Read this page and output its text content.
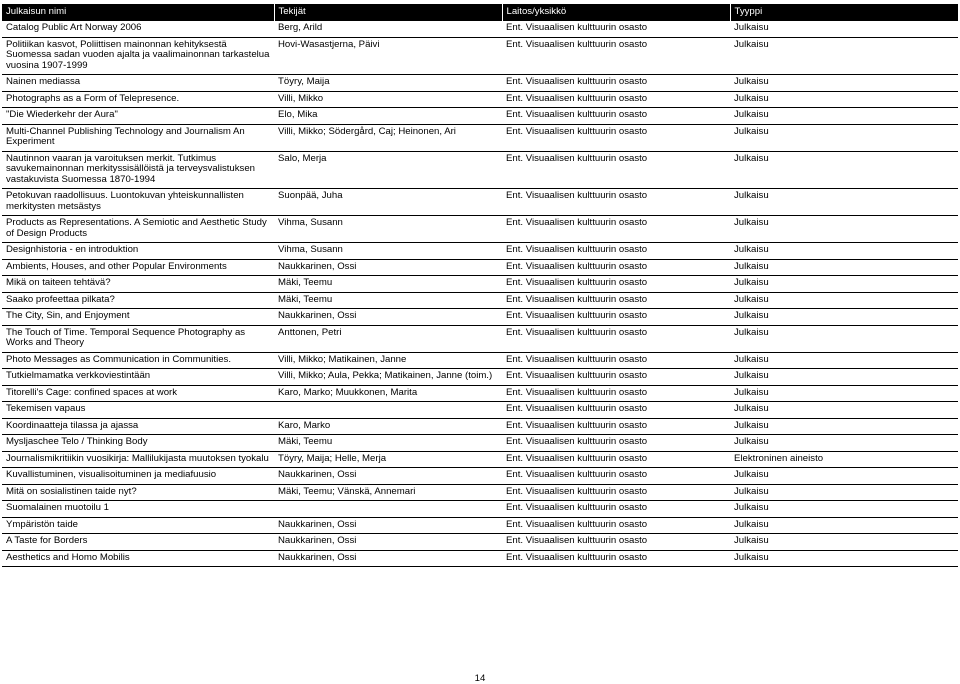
Julkaisun nimi	Tekijät	Laitos/yksikkö	Tyyppi
Catalog Public Art Norway 2006	Berg, Arild	Ent. Visuaalisen kulttuurin osasto	Julkaisu
Politiikan kasvot, Poliittisen mainonnan kehityksestä Suomessa sadan vuoden ajalta ja vaalimainonnan tarkastelua vuosina 1907-1999	Hovi-Wasastjerna, Päivi	Ent. Visuaalisen kulttuurin osasto	Julkaisu
Nainen mediassa	Töyry, Maija	Ent. Visuaalisen kulttuurin osasto	Julkaisu
Photographs as a Form of Telepresence.	Villi, Mikko	Ent. Visuaalisen kulttuurin osasto	Julkaisu
"Die Wiederkehr der Aura"	Elo, Mika	Ent. Visuaalisen kulttuurin osasto	Julkaisu
Multi-Channel Publishing Technology and Journalism An Experiment	Villi, Mikko; Södergård, Caj; Heinonen, Ari	Ent. Visuaalisen kulttuurin osasto	Julkaisu
Nautinnon vaaran ja varoituksen merkit. Tutkimus savukemainonnan merkityssisällöistä ja terveysvalistuksen vastakuvista Suomessa 1870-1994	Salo, Merja	Ent. Visuaalisen kulttuurin osasto	Julkaisu
Petokuvan raadollisuus. Luontokuvan yhteiskunnallisten merkitysten metsästys	Suonpää, Juha	Ent. Visuaalisen kulttuurin osasto	Julkaisu
Products as Representations. A Semiotic and Aesthetic Study of Design Products	Vihma, Susann	Ent. Visuaalisen kulttuurin osasto	Julkaisu
Designhistoria - en introduktion	Vihma, Susann	Ent. Visuaalisen kulttuurin osasto	Julkaisu
Ambients, Houses, and other Popular Environments	Naukkarinen, Ossi	Ent. Visuaalisen kulttuurin osasto	Julkaisu
Mikä on taiteen tehtävä?	Mäki, Teemu	Ent. Visuaalisen kulttuurin osasto	Julkaisu
Saako profeettaa pilkata?	Mäki, Teemu	Ent. Visuaalisen kulttuurin osasto	Julkaisu
The City, Sin, and Enjoyment	Naukkarinen, Ossi	Ent. Visuaalisen kulttuurin osasto	Julkaisu
The Touch of Time. Temporal Sequence Photography as Works and Theory	Anttonen, Petri	Ent. Visuaalisen kulttuurin osasto	Julkaisu
Photo Messages as Communication in Communities.	Villi, Mikko; Matikainen, Janne	Ent. Visuaalisen kulttuurin osasto	Julkaisu
Tutkielmamatka verkkoviestintään	Villi, Mikko; Aula, Pekka; Matikainen, Janne (toim.)	Ent. Visuaalisen kulttuurin osasto	Julkaisu
Titorelli's Cage: confined spaces at work	Karo, Marko; Muukkonen, Marita	Ent. Visuaalisen kulttuurin osasto	Julkaisu
Tekemisen vapaus		Ent. Visuaalisen kulttuurin osasto	Julkaisu
Koordinaatteja tilassa ja ajassa	Karo, Marko	Ent. Visuaalisen kulttuurin osasto	Julkaisu
Mysljaschee Telo / Thinking Body	Mäki, Teemu	Ent. Visuaalisen kulttuurin osasto	Julkaisu
Journalismikritiikin vuosikirja: Mallilukijasta muutoksen tyokalu	Töyry, Maija; Helle, Merja	Ent. Visuaalisen kulttuurin osasto	Elektroninen aineisto
Kuvallistuminen, visualisoituminen ja mediafuusio	Naukkarinen, Ossi	Ent. Visuaalisen kulttuurin osasto	Julkaisu
Mitä on sosialistinen taide nyt?	Mäki, Teemu; Vänskä, Annemari	Ent. Visuaalisen kulttuurin osasto	Julkaisu
Suomalainen muotoilu 1		Ent. Visuaalisen kulttuurin osasto	Julkaisu
Ympäristön taide	Naukkarinen, Ossi	Ent. Visuaalisen kulttuurin osasto	Julkaisu
A Taste for Borders	Naukkarinen, Ossi	Ent. Visuaalisen kulttuurin osasto	Julkaisu
Aesthetics and Homo Mobilis	Naukkarinen, Ossi	Ent. Visuaalisen kulttuurin osasto	Julkaisu
14
